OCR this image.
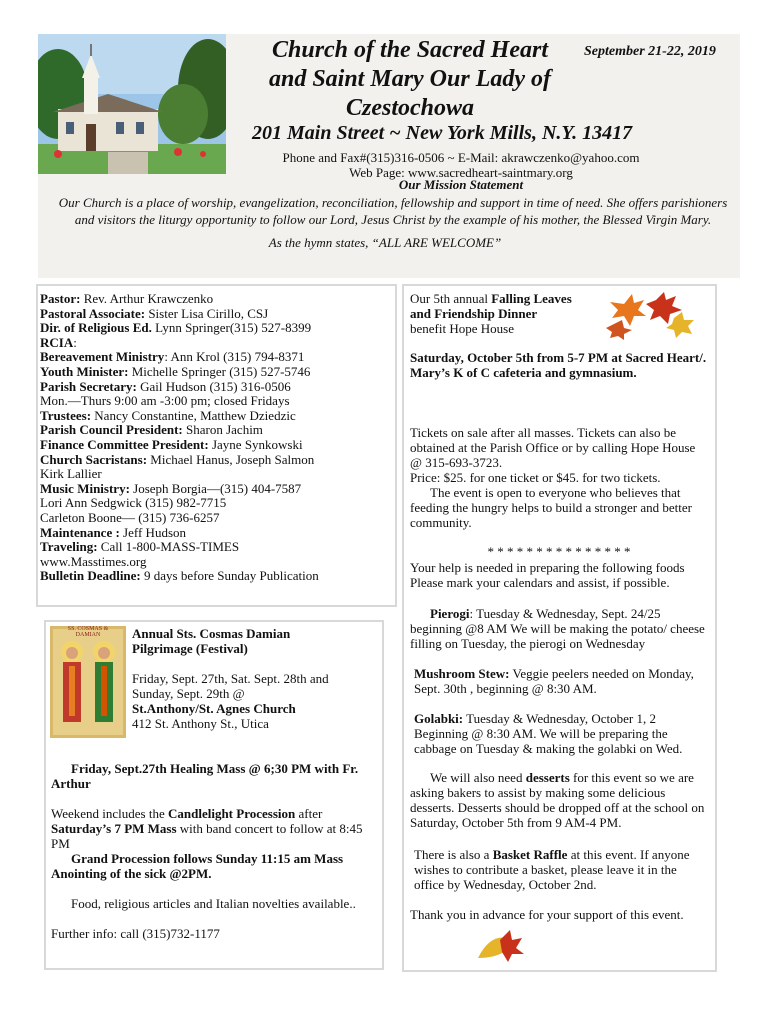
Church of the Sacred Heart
and Saint Mary Our Lady of
Czestochowa
September 21-22, 2019
201 Main Street ~ New York Mills, N.Y. 13417
Phone and Fax#(315)316-0506 ~ E-Mail: akrawczenko@yahoo.com
Web Page: www.sacredheart-saintmary.org
Our Mission Statement
Our Church is a place of worship, evangelization, reconciliation, fellowship and support in time of need. She offers parishioners and visitors the liturgy opportunity to follow our Lord, Jesus Christ by the example of his mother, the Blessed Virgin Mary.
As the hymn states, “ALL ARE WELCOME”
Pastor: Rev. Arthur Krawczenko
Pastoral Associate: Sister Lisa Cirillo, CSJ
Dir. of Religious Ed. Lynn Springer(315) 527-8399
RCIA:
Bereavement Ministry: Ann Krol (315) 794-8371
Youth Minister: Michelle Springer (315) 527-5746
Parish Secretary: Gail Hudson (315) 316-0506
Mon.—Thurs 9:00 am -3:00 pm; closed Fridays
Trustees: Nancy Constantine, Matthew Dziedzic
Parish Council President: Sharon Jachim
Finance Committee President: Jayne Synkowski
Church Sacristans: Michael Hanus, Joseph Salmon
Kirk Lallier
Music Ministry: Joseph Borgia—(315) 404-7587
Lori Ann Sedgwick (315) 982-7715
Carleton Boone— (315) 736-6257
Maintenance : Jeff Hudson
Traveling: Call 1-800-MASS-TIMES
www.Masstimes.org
Bulletin Deadline: 9 days before Sunday Publication
SS. COSMAS & DAMIAN	Annual Sts. Cosmas Damian Pilgrimage (Festival)
Friday, Sept. 27th, Sat. Sept. 28th and Sunday, Sept. 29th @
St.Anthony/St. Agnes Church
412 St. Anthony St., Utica
Friday, Sept.27th Healing Mass @ 6;30 PM with Fr. Arthur
Weekend includes the Candlelight Procession after Saturday’s 7 PM Mass with band concert to follow at 8:45 PM
Grand Procession follows Sunday 11:15 am Mass Anointing of the sick @2PM.
Food, religious articles and Italian novelties available..
Further info: call (315)732-1177
Our 5th annual Falling Leaves and Friendship Dinner
benefit Hope House
Saturday, October 5th from 5-7 PM at Sacred Heart/. Mary’s K of C cafeteria and gymnasium.
Tickets on sale after all masses. Tickets can also be obtained at the Parish Office or by calling Hope House @ 315-693-3723.
Price: $25. for one ticket or $45. for two tickets.
The event is open to everyone who believes that feeding the hungry helps to build a stronger and better community.
* * * * * * * * * * * * * * *
Your help is needed in preparing the following foods Please mark your calendars and assist, if possible.
Pierogi: Tuesday & Wednesday, Sept. 24/25 beginning @8 AM We will be making the potato/ cheese filling on Tuesday, the pierogi on Wednesday
Mushroom Stew: Veggie peelers needed on Monday, Sept. 30th , beginning @ 8:30 AM.
Golabki: Tuesday & Wednesday, October 1, 2 Beginning @ 8:30 AM. We will be preparing the cabbage on Tuesday & making the golabki on Wed.
We will also need desserts for this event so we are asking bakers to assist by making some delicious desserts. Desserts should be dropped off at the school on Saturday, October 5th from 9 AM-4 PM.
There is also a Basket Raffle at this event. If anyone wishes to contribute a basket, please leave it in the office by Wednesday, October 2nd.
Thank you in advance for your support of this event.
